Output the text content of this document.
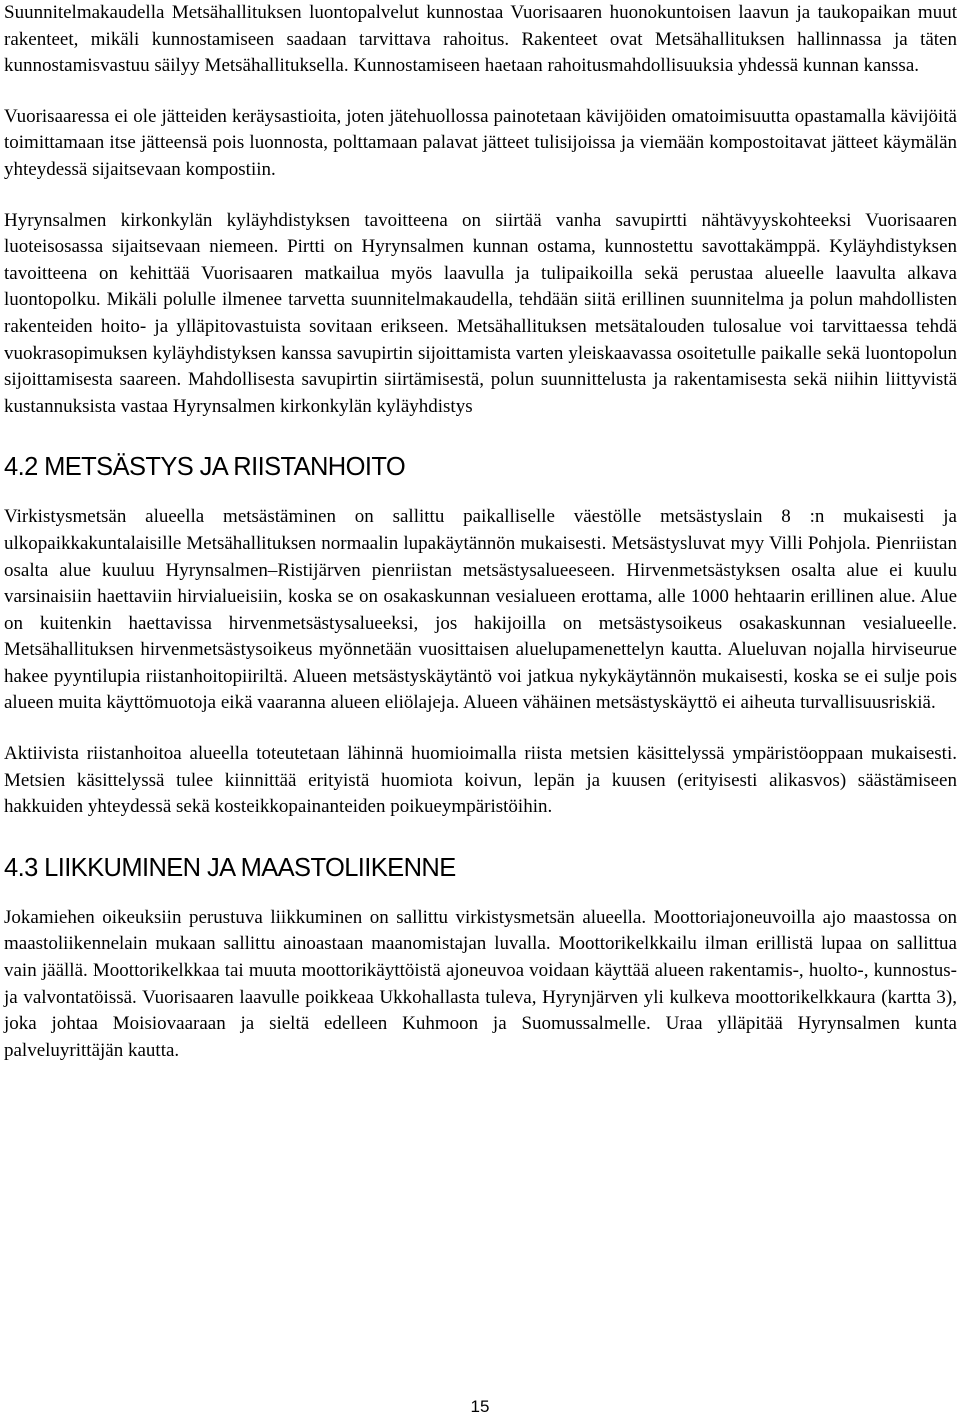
Suunnitelmakaudella Metsähallituksen luontopalvelut kunnostaa Vuorisaaren huonokuntoisen laavun ja taukopaikan muut rakenteet, mikäli kunnostamiseen saadaan tarvittava rahoitus. Rakenteet ovat Metsähallituksen hallinnassa ja täten kunnostamisvastuu säilyy Metsähallituksella. Kunnostamiseen haetaan rahoitusmahdollisuuksia yhdessä kunnan kanssa.

Vuorisaaressa ei ole jätteiden keräysastioita, joten jätehuollossa painotetaan kävijöiden omatoimisuutta opastamalla kävijöitä toimittamaan itse jätteensä pois luonnosta, polttamaan palavat jätteet tulisijoissa ja viemään kompostoitavat jätteet käymälän yhteydessä sijaitsevaan kompostiin.

Hyrynsalmen kirkonkylän kyläyhdistyksen tavoitteena on siirtää vanha savupirtti nähtävyyskohteeksi Vuorisaaren luoteisosassa sijaitsevaan niemeen. Pirtti on Hyrynsalmen kunnan ostama, kunnostettu savottakämppä. Kyläyhdistyksen tavoitteena on kehittää Vuorisaaren matkailua myös laavulla ja tulipaikoilla sekä perustaa alueelle laavulta alkava luontopolku. Mikäli polulle ilmenee tarvetta suunnitelmakaudella, tehdään siitä erillinen suunnitelma ja polun mahdollisten rakenteiden hoito- ja ylläpitovastuista sovitaan erikseen. Metsähallituksen metsätalouden tulosalue voi tarvittaessa tehdä vuokrasopimuksen kyläyhdistyksen kanssa savupirtin sijoittamista varten yleiskaavassa osoitetulle paikalle sekä luontopolun sijoittamisesta saareen. Mahdollisesta savupirtin siirtämisestä, polun suunnittelusta ja rakentamisesta sekä niihin liittyvistä kustannuksista vastaa Hyrynsalmen kirkonkylän kyläyhdistys

4.2 METSÄSTYS JA RIISTANHOITO

Virkistysmetsän alueella metsästäminen on sallittu paikalliselle väestölle metsästyslain 8 :n mukaisesti ja ulkopaikkakuntalaisille Metsähallituksen normaalin lupakäytännön mukaisesti. Metsästysluvat myy Villi Pohjola. Pienriistan osalta alue kuuluu Hyrynsalmen–Ristijärven pienriistan metsästysalueeseen. Hirvenmetsästyksen osalta alue ei kuulu varsinaisiin haettaviin hirvialueisiin, koska se on osakaskunnan vesialueen erottama, alle 1000 hehtaarin erillinen alue. Alue on kuitenkin haettavissa hirvenmetsästysalueeksi, jos hakijoilla on metsästysoikeus osakaskunnan vesialueelle. Metsähallituksen hirvenmetsästysoikeus myönnetään vuosittaisen aluelupamenettelyn kautta. Alueluvan nojalla hirviseurue hakee pyyntilupia riistanhoitopiiriltä. Alueen metsästyskäytäntö voi jatkua nykykäytännön mukaisesti, koska se ei sulje pois alueen muita käyttömuotoja eikä vaaranna alueen eliölajeja. Alueen vähäinen metsästyskäyttö ei aiheuta turvallisuusriskiä.

Aktiivista riistanhoitoa alueella toteutetaan lähinnä huomioimalla riista metsien käsittelyssä ympäristöoppaan mukaisesti. Metsien käsittelyssä tulee kiinnittää erityistä huomiota koivun, lepän ja kuusen (erityisesti alikasvos) säästämiseen hakkuiden yhteydessä sekä kosteikkopainanteiden poikueympäristöihin.

4.3 LIIKKUMINEN JA MAASTOLIIKENNE

Jokamiehen oikeuksiin perustuva liikkuminen on sallittu virkistysmetsän alueella. Moottoriajoneuvoilla ajo maastossa on maastoliikennelain mukaan sallittu ainoastaan maanomistajan luvalla. Moottorikelkkailu ilman erillistä lupaa on sallittua vain jäällä. Moottorikelkkaa tai muuta moottorikäyttöistä ajoneuvoa voidaan käyttää alueen rakentamis-, huolto-, kunnostus- ja valvontatöissä. Vuorisaaren laavulle poikkeaa Ukkohallasta tuleva, Hyrynjärven yli kulkeva moottorikelkkaura (kartta 3), joka johtaa Moisiovaaraan ja sieltä edelleen Kuhmoon ja Suomussalmelle. Uraa ylläpitää Hyrynsalmen kunta palveluyrittäjän kautta.

15
